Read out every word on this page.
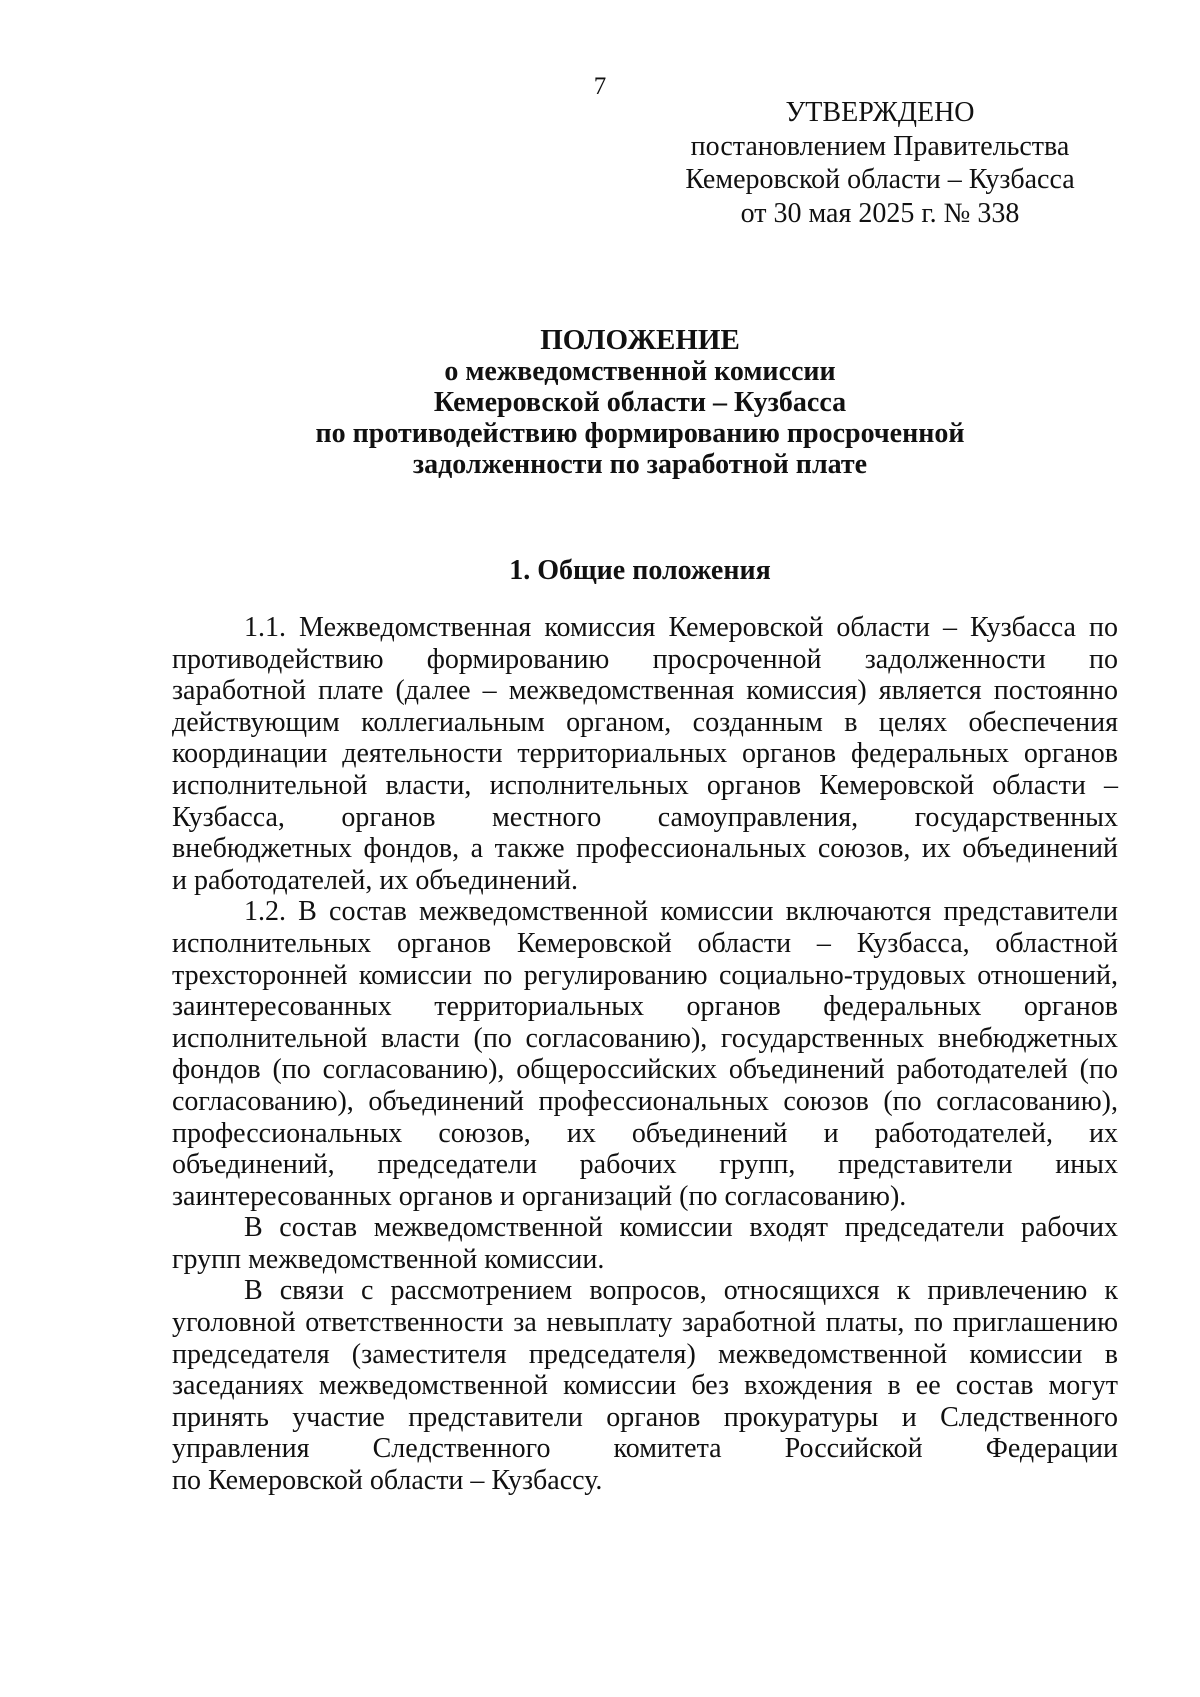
7
УТВЕРЖДЕНО
постановлением Правительства
Кемеровской области – Кузбасса
от 30 мая 2025 г. № 338
ПОЛОЖЕНИЕ
о межведомственной комиссии
Кемеровской области – Кузбасса
по противодействию формированию просроченной
задолженности по заработной плате
1. Общие положения
1.1. Межведомственная комиссия Кемеровской области – Кузбасса по
противодействию формированию просроченной задолженности по
заработной плате (далее – межведомственная комиссия) является постоянно
действующим коллегиальным органом, созданным в целях обеспечения
координации деятельности территориальных органов федеральных органов
исполнительной власти, исполнительных органов Кемеровской области –
Кузбасса, органов местного самоуправления, государственных
внебюджетных фондов, а также профессиональных союзов, их объединений
и работодателей, их объединений.
1.2. В состав межведомственной комиссии включаются представители
исполнительных органов Кемеровской области – Кузбасса, областной
трехсторонней комиссии по регулированию социально-трудовых отношений,
заинтересованных территориальных органов федеральных органов
исполнительной власти (по согласованию), государственных внебюджетных
фондов (по согласованию), общероссийских объединений работодателей (по
согласованию), объединений профессиональных союзов (по согласованию),
профессиональных союзов, их объединений и работодателей, их
объединений, председатели рабочих групп, представители иных
заинтересованных органов и организаций (по согласованию).
В состав межведомственной комиссии входят председатели рабочих
групп межведомственной комиссии.
В связи с рассмотрением вопросов, относящихся к привлечению к
уголовной ответственности за невыплату заработной платы, по приглашению
председателя (заместителя председателя) межведомственной комиссии в
заседаниях межведомственной комиссии без вхождения в ее состав могут
принять участие представители органов прокуратуры и Следственного
управления Следственного комитета Российской Федерации
по Кемеровской области – Кузбассу.
